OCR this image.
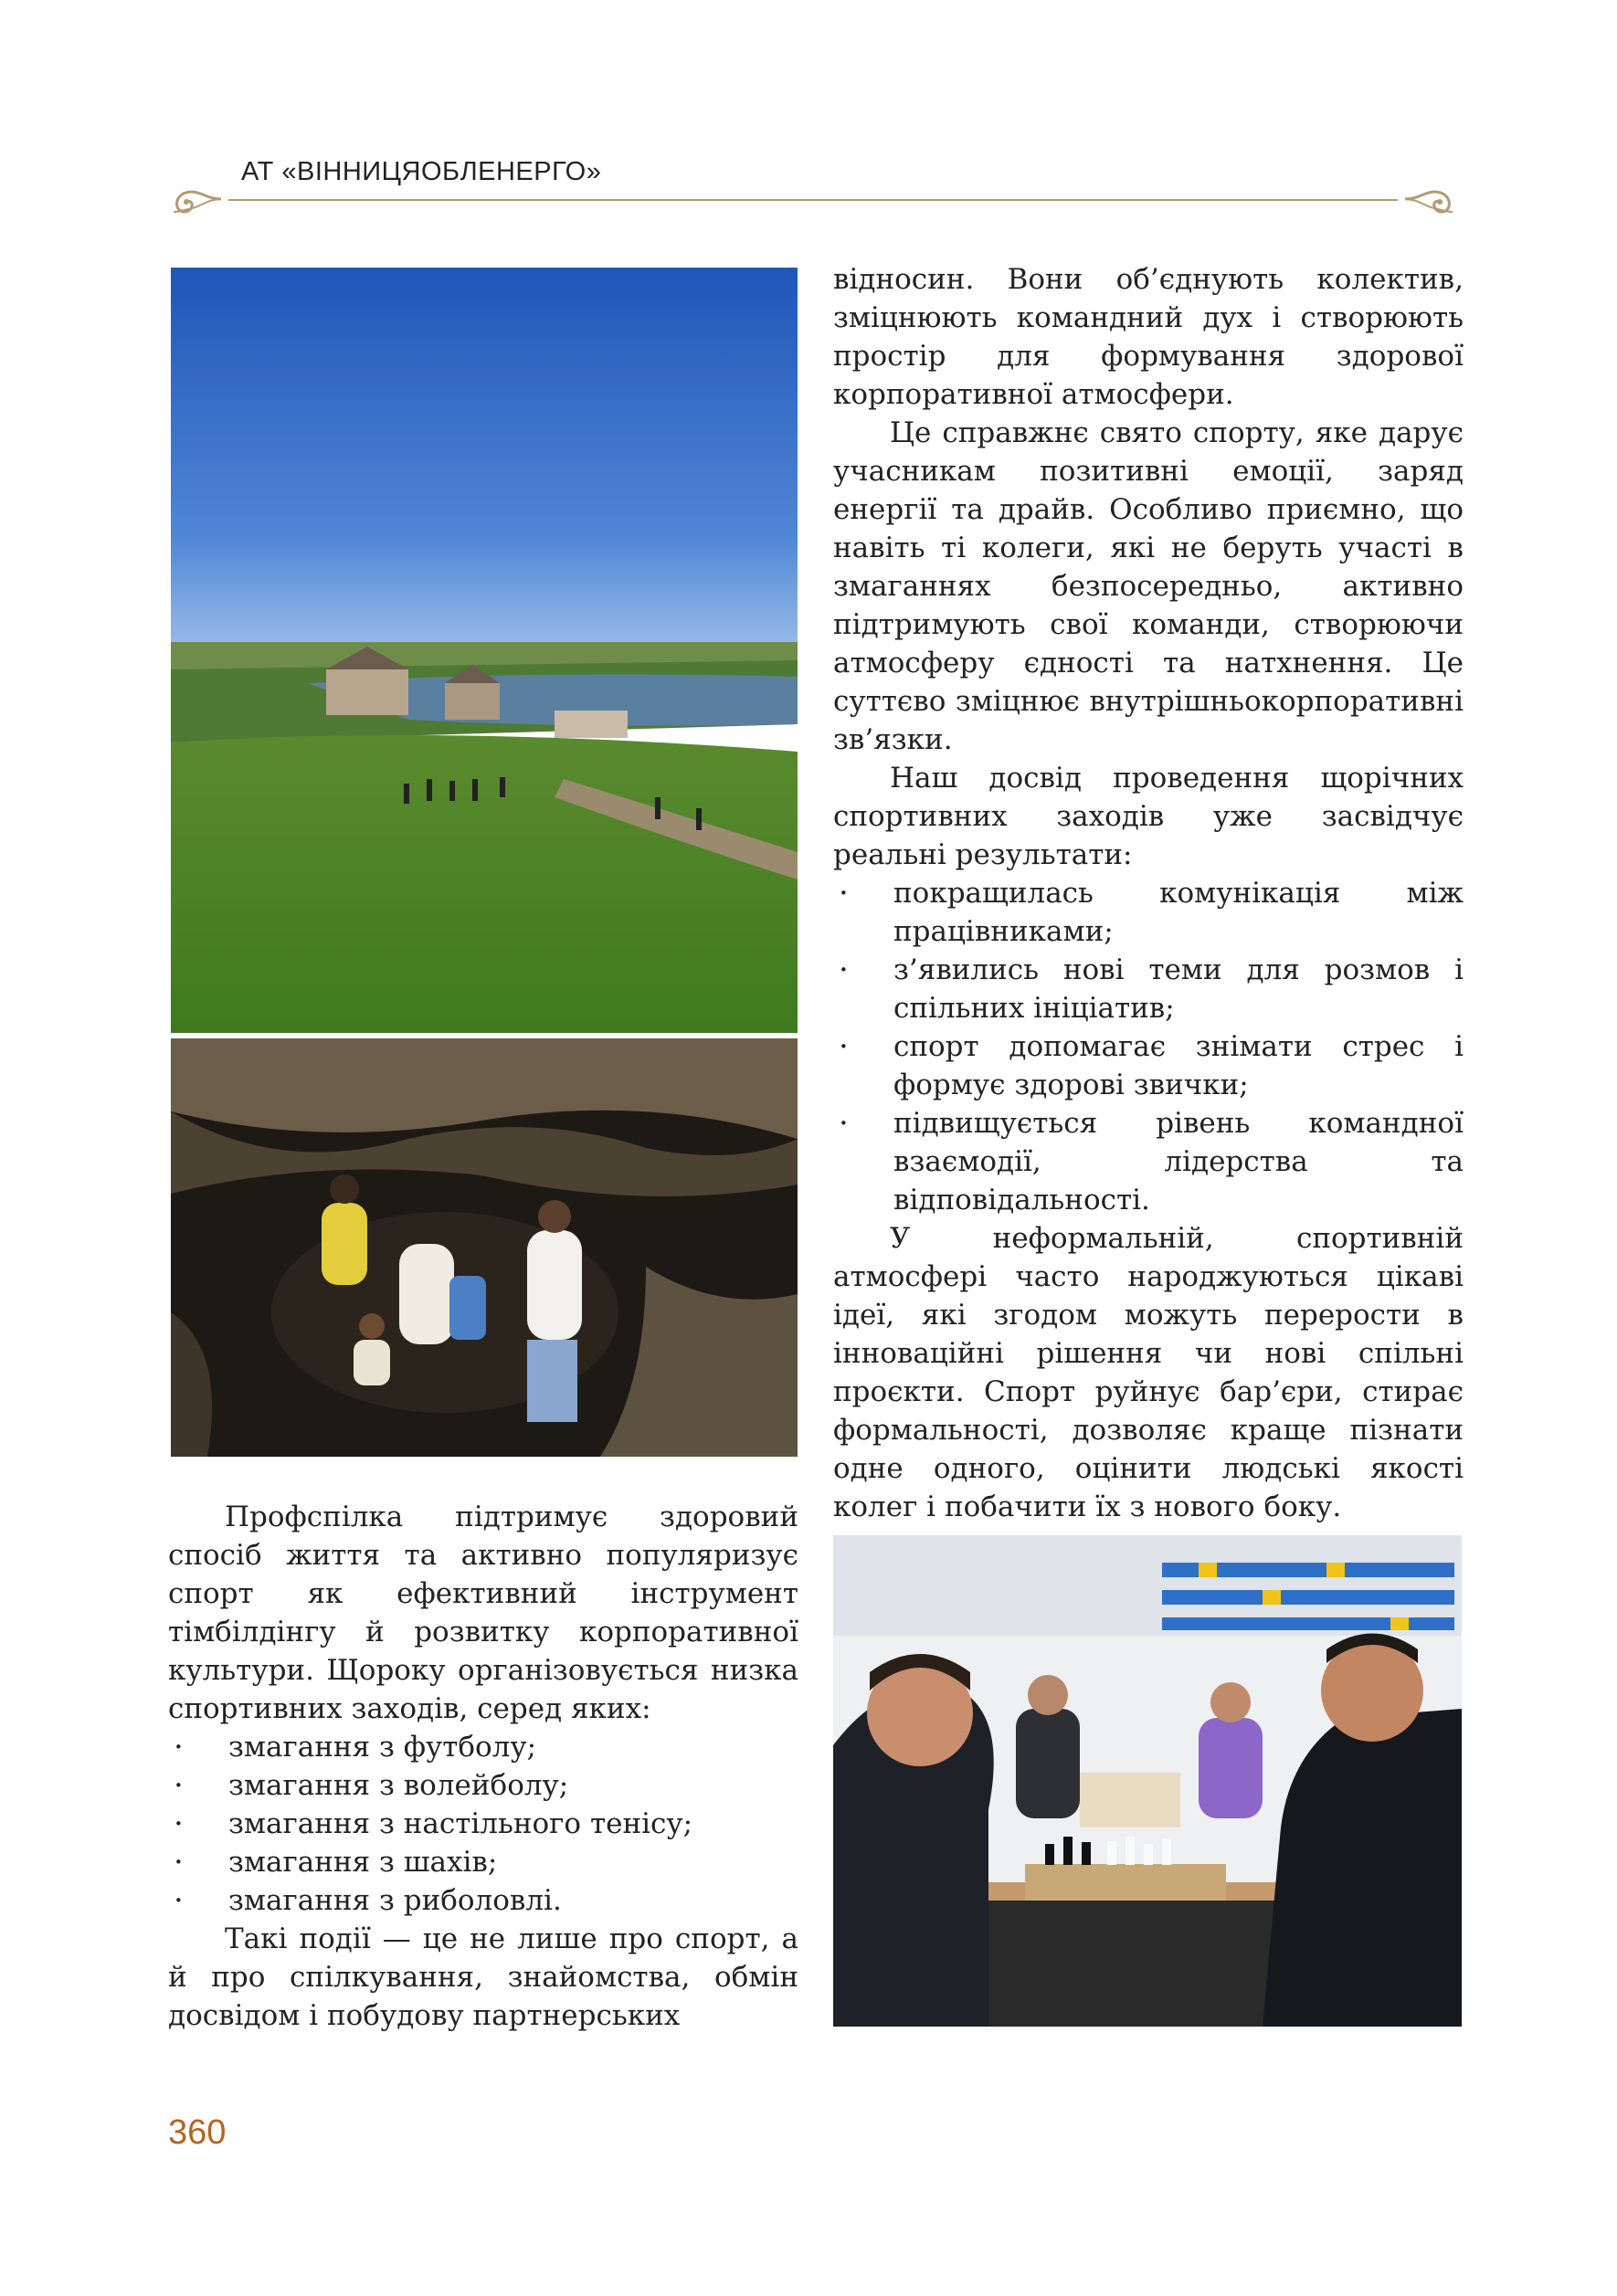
АТ «ВІННИЦЯОБЛЕНЕРГО»

Профспілка підтримує здоровий спосіб життя та активно популяризує спорт як ефективний інструмент тімбілдінгу й розвитку корпоративної культури. Щороку організовується низка спортивних заходів, серед яких:

· змагання з футболу;
· змагання з волейболу;
· змагання з настільного тенісу;
· змагання з шахів;
· змагання з риболовлі.

Такі події — це не лише про спорт, а й про спілкування, знайомства, обмін досвідом і побудову партнерських

відносин. Вони об’єднують колектив, зміцнюють командний дух і створюють простір для формування здорової корпоративної атмосфери.

Це справжнє свято спорту, яке дарує учасникам позитивні емоції, заряд енергії та драйв. Особливо приємно, що навіть ті колеги, які не беруть участі в змаганнях безпосередньо, активно підтримують свої команди, створюючи атмосферу єдності та натхнення. Це суттєво зміцнює внутрішньокорпоративні зв’язки.

Наш досвід проведення щорічних спортивних заходів уже засвідчує реальні результати:

· покращилась комунікація між працівниками;
· з’явились нові теми для розмов і спільних ініціатив;
· спорт допомагає знімати стрес і формує здорові звички;
· підвищується рівень командної взаємодії, лідерства та відповідальності.

У неформальній, спортивній атмосфері часто народжуються цікаві ідеї, які згодом можуть перерости в інноваційні рішення чи нові спільні проєкти. Спорт руйнує бар’єри, стирає формальності, дозволяє краще пізнати одне одного, оцінити людські якості колег і побачити їх з нового боку.

360
